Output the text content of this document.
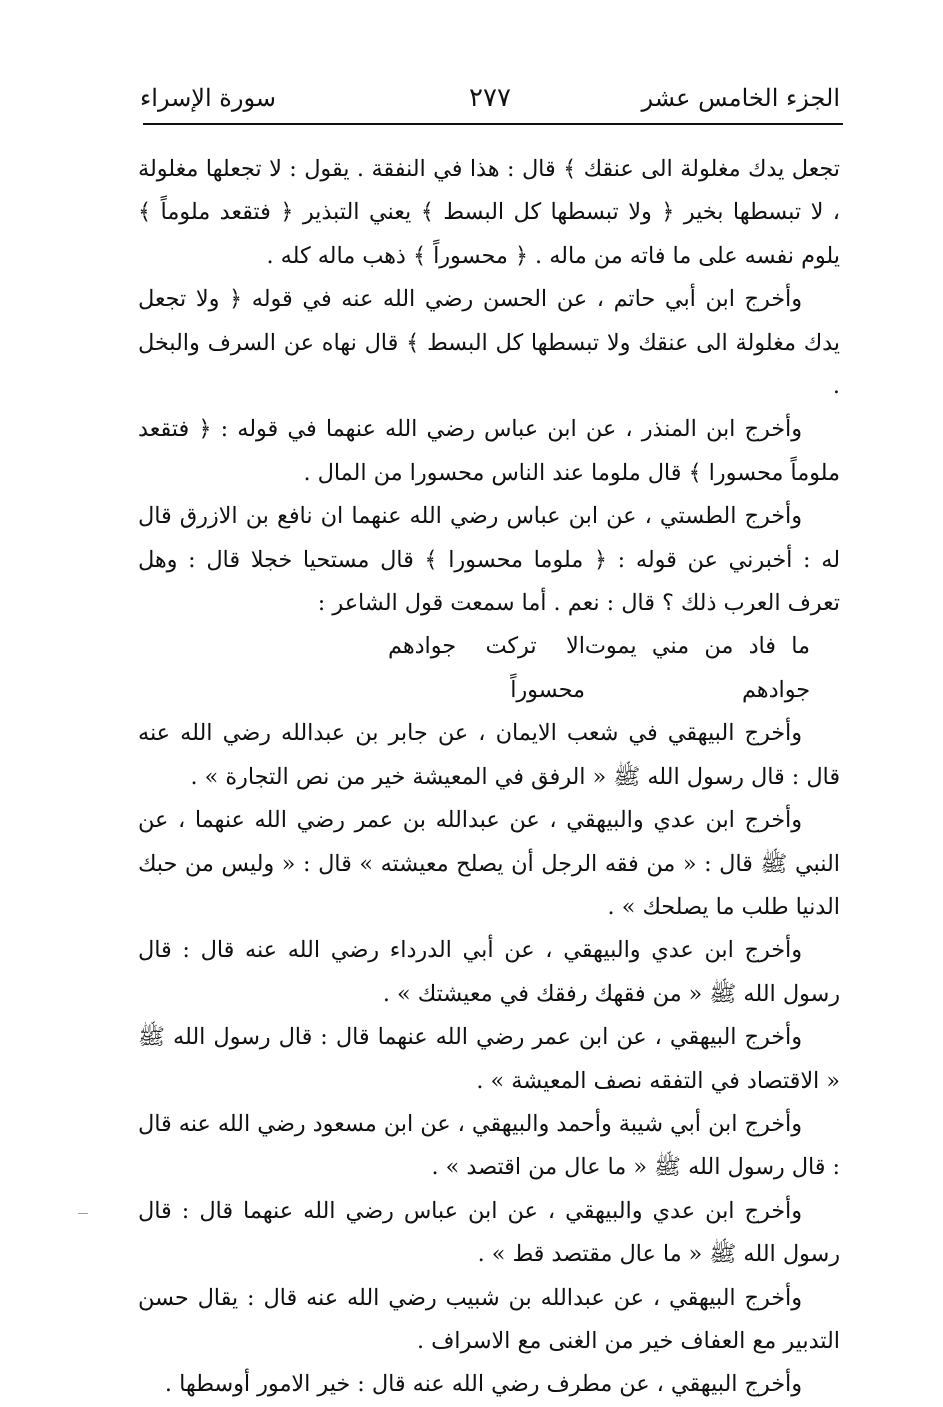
الجزء الخامس عشر
٢٧٧
سورة الإسراء

تجعل يدك مغلولة الى عنقك ﴾ قال : هذا في النفقة . يقول : لا تجعلها مغلولة ، لا تبسطها بخير ﴿ ولا تبسطها كل البسط ﴾ يعني التبذير ﴿ فتقعد ملوماً ﴾ يلوم نفسه على ما فاته من ماله . ﴿ محسوراً ﴾ ذهب ماله كله .

وأخرج ابن أبي حاتم ، عن الحسن رضي الله عنه في قوله ﴿ ولا تجعل يدك مغلولة الى عنقك ولا تبسطها كل البسط ﴾ قال نهاه عن السرف والبخل .

وأخرج ابن المنذر ، عن ابن عباس رضي الله عنهما في قوله : ﴿ فتقعد ملوماً محسورا ﴾ قال ملوما عند الناس محسورا من المال .

وأخرج الطستي ، عن ابن عباس رضي الله عنهما ان نافع بن الازرق قال له : أخبرني عن قوله : ﴿ ملوما محسورا ﴾ قال مستحيا خجلا قال : وهل تعرف العرب ذلك ؟ قال : نعم . أما سمعت قول الشاعر :

ما فاد من مني يموت جوادهم
الا تركت جوادهم محسوراً

وأخرج البيهقي في شعب الايمان ، عن جابر بن عبدالله رضي الله عنه قال : قال رسول الله ﷺ « الرفق في المعيشة خير من نص التجارة » .

وأخرج ابن عدي والبيهقي ، عن عبدالله بن عمر رضي الله عنهما ، عن النبي ﷺ قال : « من فقه الرجل أن يصلح معيشته » قال : « وليس من حبك الدنيا طلب ما يصلحك » .

وأخرج ابن عدي والبيهقي ، عن أبي الدرداء رضي الله عنه قال : قال رسول الله ﷺ « من فقهك رفقك في معيشتك » .

وأخرج البيهقي ، عن ابن عمر رضي الله عنهما قال : قال رسول الله ﷺ « الاقتصاد في التفقه نصف المعيشة » .

وأخرج ابن أبي شيبة وأحمد والبيهقي ، عن ابن مسعود رضي الله عنه قال : قال رسول الله ﷺ « ما عال من اقتصد » .

وأخرج ابن عدي والبيهقي ، عن ابن عباس رضي الله عنهما قال : قال رسول الله ﷺ « ما عال مقتصد قط » .

وأخرج البيهقي ، عن عبدالله بن شبيب رضي الله عنه قال : يقال حسن التدبير مع العفاف خير من الغنى مع الاسراف .

وأخرج البيهقي ، عن مطرف رضي الله عنه قال : خير الامور أوسطها .
